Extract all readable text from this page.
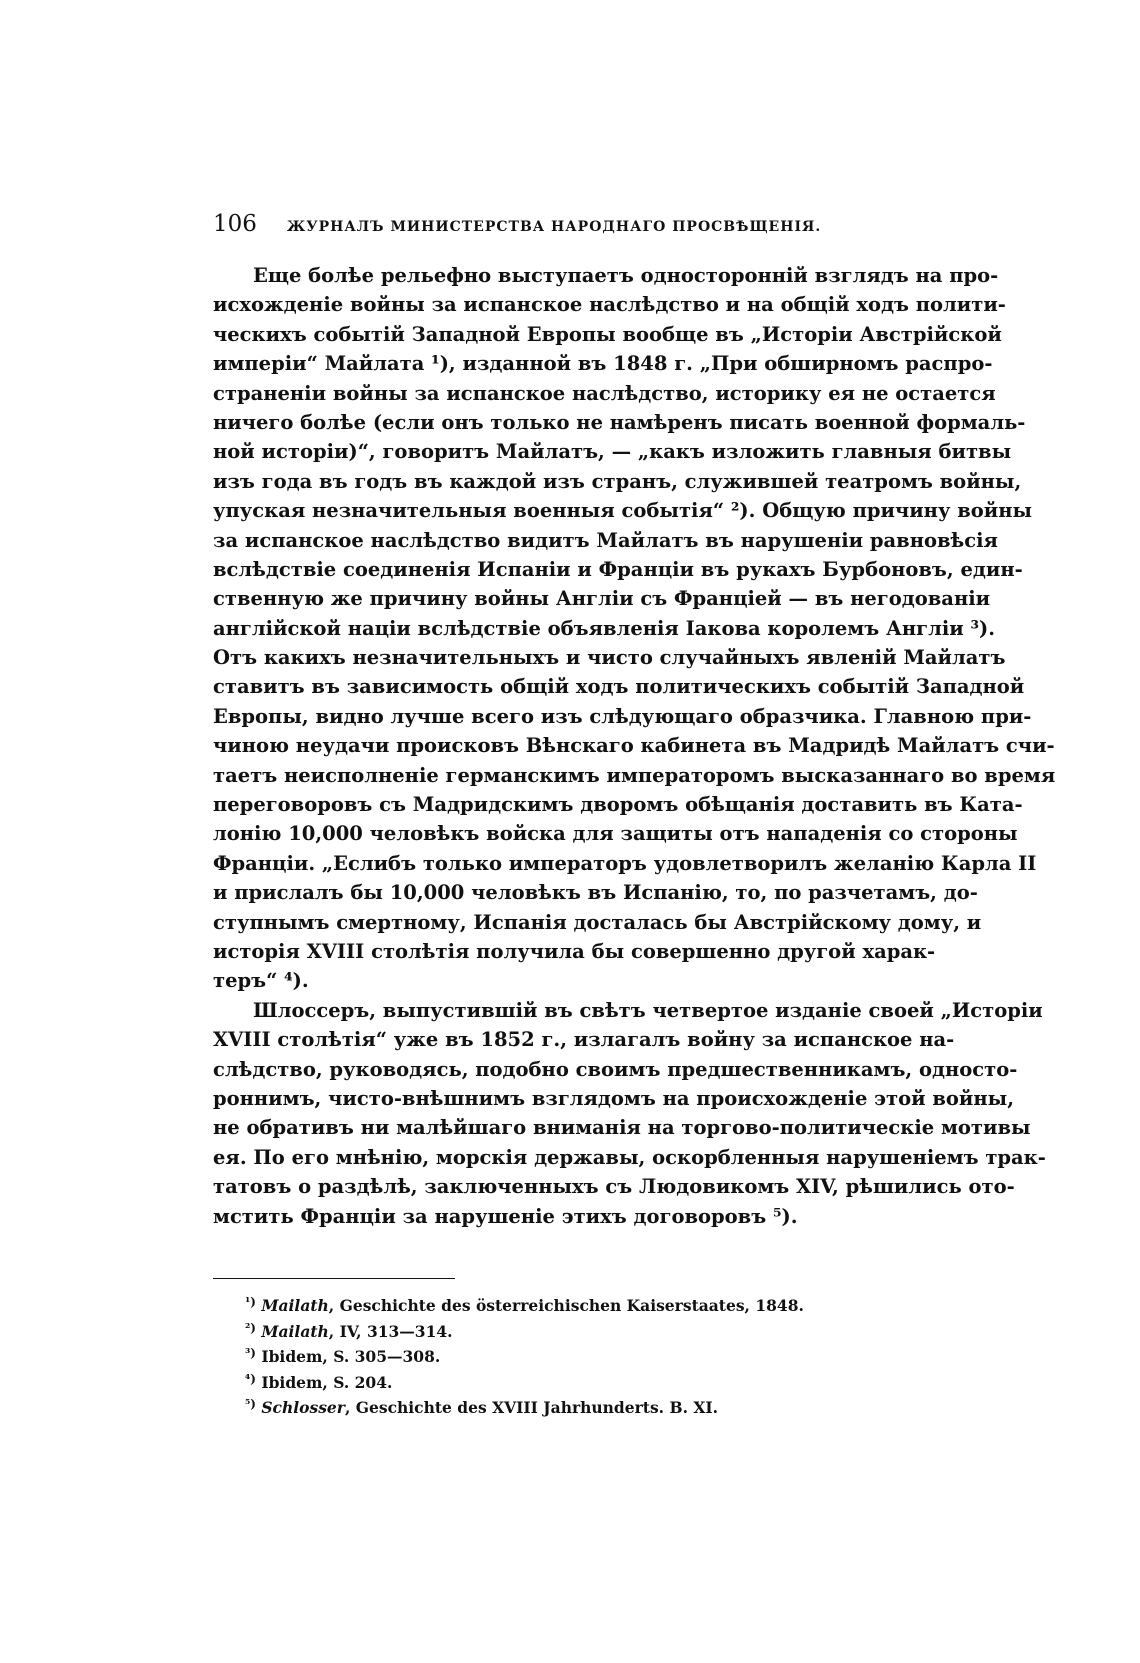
106 ЖУРНАЛЪ МИНИСТЕРСТВА НАРОДНАГО ПРОСВѢЩЕНІЯ.
Еще болѣе рельефно выступаетъ односторонній взглядъ на про-
исхожденіе войны за испанское наслѣдство и на общій ходъ полити-
ческихъ событій Западной Европы вообще въ „Исторіи Австрійской
имперіи“ Майлата ¹), изданной въ 1848 г. „При обширномъ распро-
страненіи войны за испанское наслѣдство, историку ея не остается
ничего болѣе (если онъ только не намѣренъ писать военной формаль-
ной исторіи)“, говоритъ Майлатъ, — „какъ изложить главныя битвы
изъ года въ годъ въ каждой изъ странъ, служившей театромъ войны,
упуская незначительныя военныя событія“ ²). Общую причину войны
за испанское наслѣдство видитъ Майлатъ въ нарушеніи равновѣсія
вслѣдствіе соединенія Испаніи и Франціи въ рукахъ Бурбоновъ, един-
ственную же причину войны Англіи съ Франціей — въ негодованіи
англійской націи вслѣдствіе объявленія Іакова королемъ Англіи ³).
Отъ какихъ незначительныхъ и чисто случайныхъ явленій Майлатъ
ставитъ въ зависимость общій ходъ политическихъ событій Западной
Европы, видно лучше всего изъ слѣдующаго образчика. Главною при-
чиною неудачи происковъ Вѣнскаго кабинета въ Мадридѣ Майлатъ счи-
таетъ неисполненіе германскимъ императоромъ высказаннаго во время
переговоровъ съ Мадридскимъ дворомъ обѣщанія доставить въ Ката-
лонію 10,000 человѣкъ войска для защиты отъ нападенія со стороны
Франціи. „Еслибъ только императоръ удовлетворилъ желанію Карла II
и прислалъ бы 10,000 человѣкъ въ Испанію, то, по разчетамъ, до-
ступнымъ смертному, Испанія досталась бы Австрійскому дому, и
исторія XVIII столѣтія получила бы совершенно другой харак-
теръ“ ⁴).
Шлоссеръ, выпустившій въ свѣтъ четвертое изданіе своей „Исторіи
XVIII столѣтія“ уже въ 1852 г., излагалъ войну за испанское на-
слѣдство, руководясь, подобно своимъ предшественникамъ, односто-
роннимъ, чисто-внѣшнимъ взглядомъ на происхожденіе этой войны,
не обративъ ни малѣйшаго вниманія на торгово-политическіе мотивы
ея. По его мнѣнію, морскія державы, оскорбленныя нарушеніемъ трак-
татовъ о раздѣлѣ, заключенныхъ съ Людовикомъ XIV, рѣшились ото-
мстить Франціи за нарушеніе этихъ договоровъ ⁵).
$^{^1)}$ Mailath, Geschichte des österreichischen Kaiserstaates, 1848.
$^{^2)}$ Mailath, IV, 313—314.
$^{^3)}$ Ibidem, S. 305—308.
$^{^4)}$ Ibidem, S. 204.
$^{^5)}$ Schlosser, Geschichte des XVIII Jahrhunderts. B. XI.
